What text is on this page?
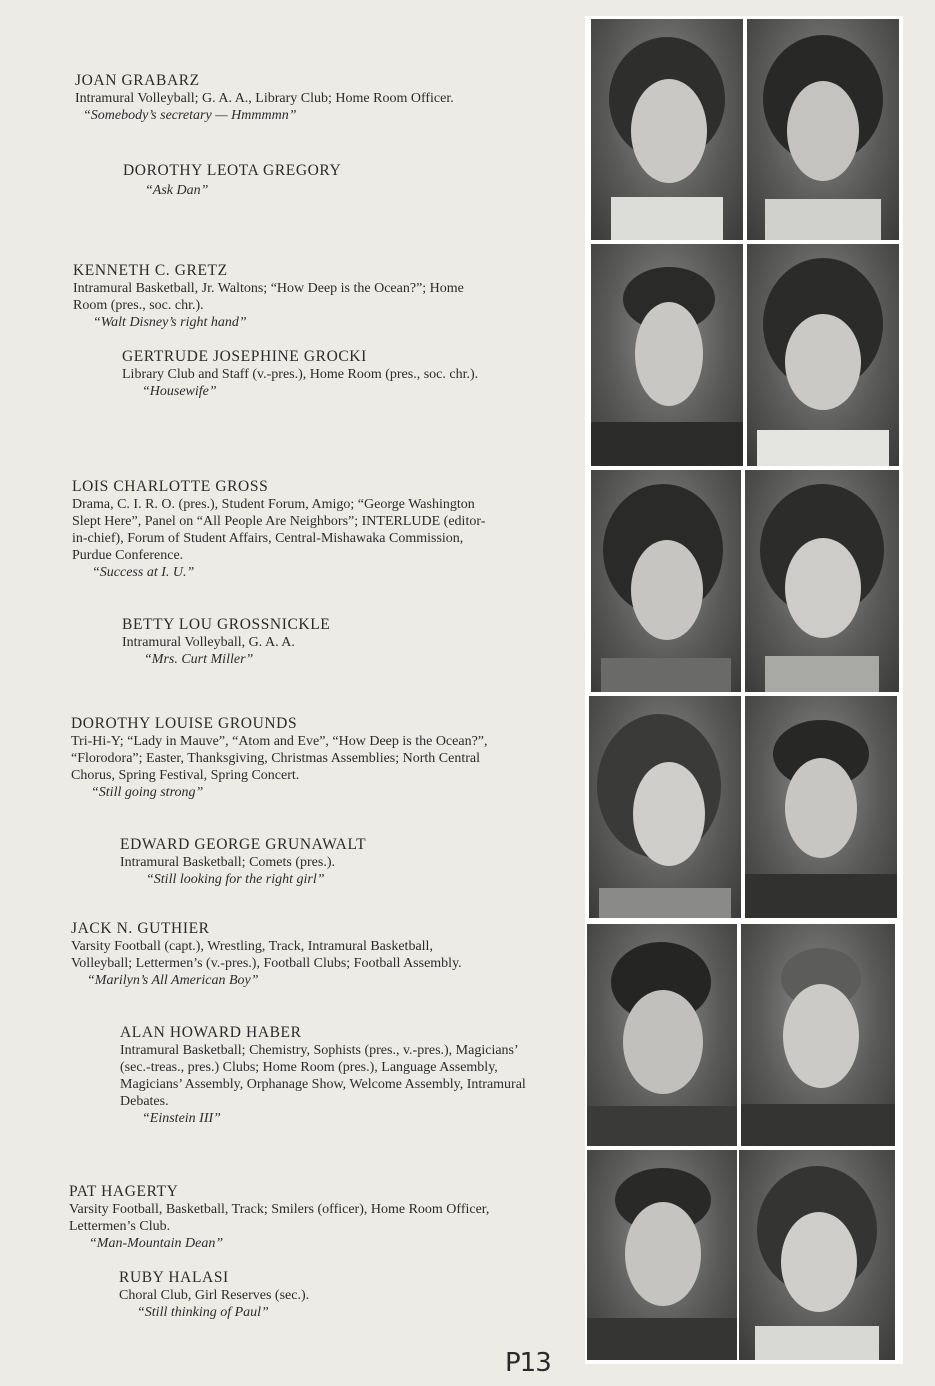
JOAN GRABARZ
Intramural Volleyball; G. A. A., Library Club; Home Room Officer.
“Somebody’s secretary — Hmmmmn”
DOROTHY LEOTA GREGORY
“Ask Dan”
KENNETH C. GRETZ
Intramural Basketball, Jr. Waltons; “How Deep is the Ocean?”; Home Room (pres., soc. chr.).
“Walt Disney’s right hand”
GERTRUDE JOSEPHINE GROCKI
Library Club and Staff (v.-pres.), Home Room (pres., soc. chr.).
“Housewife”
LOIS CHARLOTTE GROSS
Drama, C. I. R. O. (pres.), Student Forum, Amigo; “George Washington Slept Here”, Panel on “All People Are Neighbors”; INTERLUDE (editor-in-chief), Forum of Student Affairs, Central-Mishawaka Commission, Purdue Conference.
“Success at I. U.”
BETTY LOU GROSSNICKLE
Intramural Volleyball, G. A. A.
“Mrs. Curt Miller”
DOROTHY LOUISE GROUNDS
Tri-Hi-Y; “Lady in Mauve”, “Atom and Eve”, “How Deep is the Ocean?”, “Florodora”; Easter, Thanksgiving, Christmas Assemblies; North Central Chorus, Spring Festival, Spring Concert.
“Still going strong”
EDWARD GEORGE GRUNAWALT
Intramural Basketball; Comets (pres.).
“Still looking for the right girl”
JACK N. GUTHIER
Varsity Football (capt.), Wrestling, Track, Intramural Basketball, Volleyball; Lettermen’s (v.-pres.), Football Clubs; Football Assembly.
“Marilyn’s All American Boy”
ALAN HOWARD HABER
Intramural Basketball; Chemistry, Sophists (pres., v.-pres.), Magicians’ (sec.-treas., pres.) Clubs; Home Room (pres.), Language Assembly, Magicians’ Assembly, Orphanage Show, Welcome Assembly, Intramural Debates.
“Einstein III”
PAT HAGERTY
Varsity Football, Basketball, Track; Smilers (officer), Home Room Officer, Lettermen’s Club.
“Man-Mountain Dean”
RUBY HALASI
Choral Club, Girl Reserves (sec.).
“Still thinking of Paul”
P13
